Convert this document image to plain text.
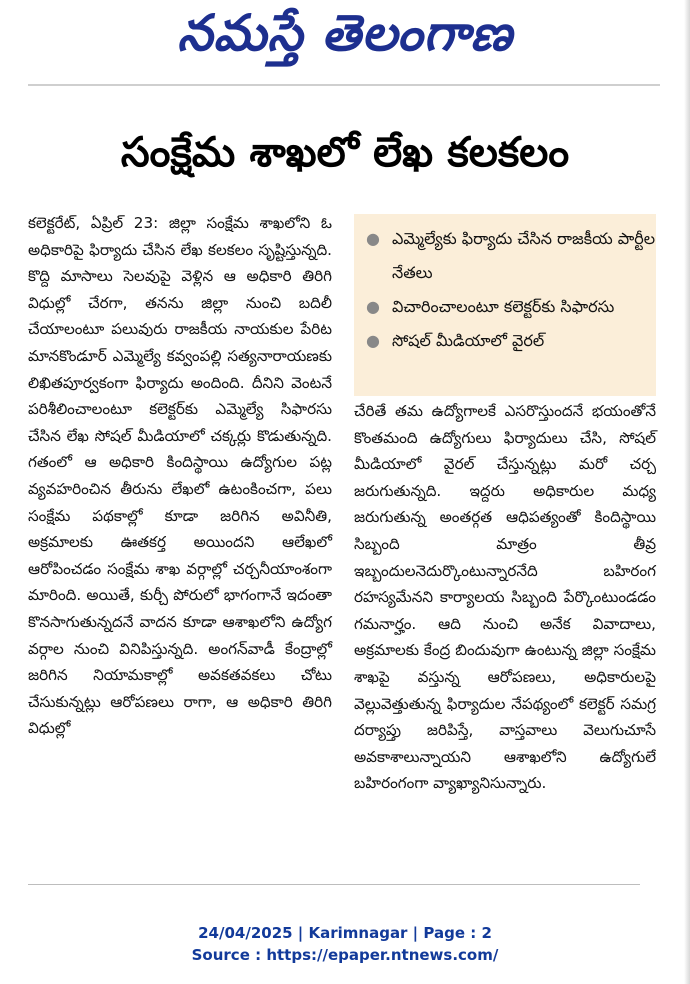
నమస్తే తెలంగాణ
సంక్షేమ శాఖలో లేఖ కలకలం

కలెక్టరేట్, ఏప్రిల్ 23: జిల్లా సంక్షేమ శాఖలోని ఓ అధికారిపై ఫిర్యాదు చేసిన లేఖ కలకలం సృష్టిస్తున్నది. కొద్ది మాసాలు సెలవుపై వెళ్లిన ఆ అధికారి తిరిగి విధుల్లో చేరగా, తనను జిల్లా నుంచి బదిలీ చేయాలంటూ పలువురు రాజకీయ నాయకుల పేరిట మానకొండూర్ ఎమ్మెల్యే కవ్వంపల్లి సత్యనారాయణకు లిఖితపూర్వకంగా ఫిర్యాదు అందింది. దీనిని వెంటనే పరిశీలించాలంటూ కలెక్టర్‌కు ఎమ్మెల్యే సిఫారసు చేసిన లేఖ సోషల్ మీడియాలో చక్కర్లు కొడుతున్నది. గతంలో ఆ అధికారి కిందిస్థాయి ఉద్యోగుల పట్ల వ్యవహరించిన తీరును లేఖలో ఉటంకించగా, పలు సంక్షేమ పథకాల్లో కూడా జరిగిన అవినీతి, అక్రమాలకు ఊతకర్త అయిందని ఆలేఖలో ఆరోపించడం సంక్షేమ శాఖ వర్గాల్లో చర్చనీయాంశంగా మారింది. అయితే, కుర్చీ పోరులో భాగంగానే ఇదంతా కొనసాగుతున్నదనే వాదన కూడా ఆశాఖలోని ఉద్యోగ వర్గాల నుంచి వినిపిస్తున్నది. అంగన్‌వాడీ కేంద్రాల్లో జరిగిన నియామకాల్లో అవకతవకలు చోటు చేసుకున్నట్లు ఆరోపణలు రాగా, ఆ అధికారి తిరిగి విధుల్లో

● ఎమ్మెల్యేకు ఫిర్యాదు చేసిన రాజకీయ పార్టీల నేతలు
● విచారించాలంటూ కలెక్టర్‌కు సిఫారసు
● సోషల్ మీడియాలో వైరల్

చేరితే తమ ఉద్యోగాలకే ఎసరొస్తుందనే భయంతోనే కొంతమంది ఉద్యోగులు ఫిర్యాదులు చేసి, సోషల్ మీడియాలో వైరల్ చేస్తున్నట్లు మరో చర్చ జరుగుతున్నది. ఇద్దరు అధికారుల మధ్య జరుగుతున్న అంతర్గత ఆధిపత్యంతో కిందిస్థాయి సిబ్బంది మాత్రం తీవ్ర ఇబ్బందులనెదుర్కొంటున్నారనేది బహిరంగ రహస్యమేనని కార్యాలయ సిబ్బంది పేర్కొంటుండడం గమనార్హం. ఆది నుంచి అనేక వివాదాలు, అక్రమాలకు కేంద్ర బిందువుగా ఉంటున్న జిల్లా సంక్షేమ శాఖపై వస్తున్న ఆరోపణలు, అధికారులపై వెల్లువెత్తుతున్న ఫిర్యాదుల నేపథ్యంలో కలెక్టర్ సమగ్ర దర్యాప్తు జరిపిస్తే, వాస్తవాలు వెలుగుచూసే అవకాశాలున్నాయని ఆశాఖలోని ఉద్యోగులే బహిరంగంగా వ్యాఖ్యానిసున్నారు.

24/04/2025 | Karimnagar | Page : 2
Source : https://epaper.ntnews.com/
